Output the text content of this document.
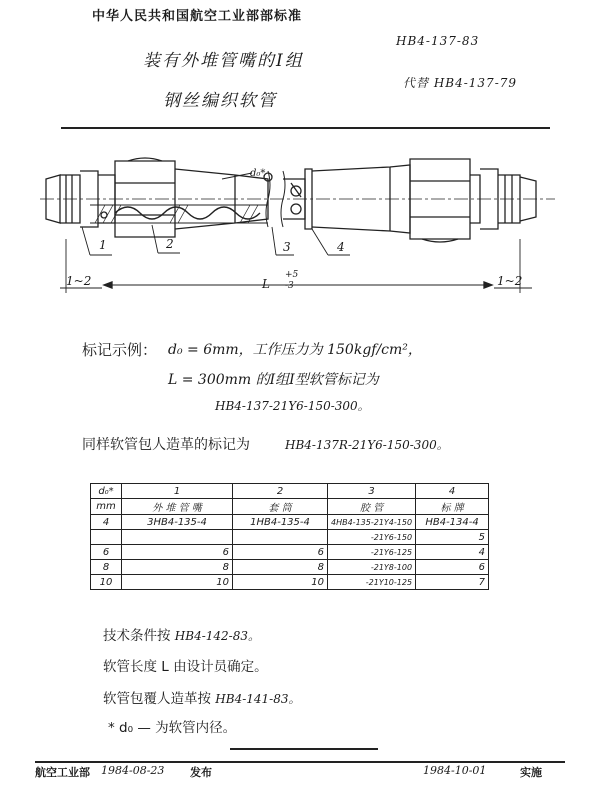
中华人民共和国航空工业部部标准
装有外堆管嘴的Ⅰ组
钢丝编织软管
HB4-137-83
代替 HB4-137-79
1	2	3	4
d₀*
1~2	1~2
L
+5
-3
标记示例： d₀ = 6mm，工作压力为 150kgf/cm²，
L = 300mm 的Ⅰ组Ⅰ型软管标记为
HB4-137-21Y6-150-300。
同样软管包人造革的标记为	HB4-137R-21Y6-150-300。
d₀*	1	2	3	4
mm	外 堆 管 嘴	套 筒	胶 管	标 牌
4	3HB4-135-4	1HB4-135-4	4HB4-135-21Y4-150	HB4-134-4
			-21Y6-150	5
6	6	6	-21Y6-125	4
8	8	8	-21Y8-100	6
10	10	10	-21Y10-125	7
技术条件按 HB4-142-83。
软管长度 L 由设计员确定。
软管包覆人造革按 HB4-141-83。
* d₀ — 为软管内径。
航空工业部 1984-08-23 发布	1984-10-01	实施
